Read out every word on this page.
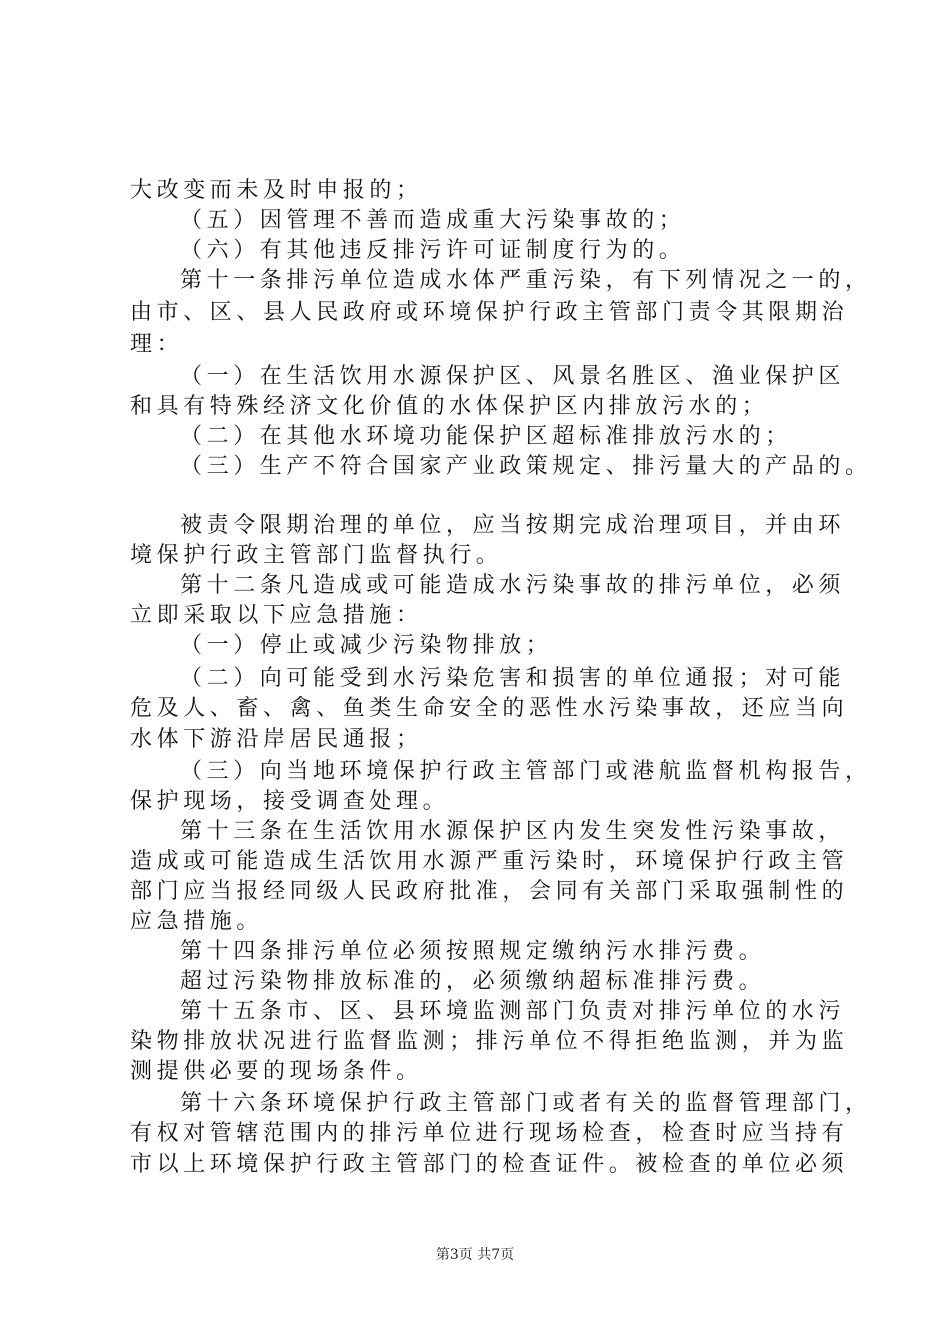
大改变而未及时申报的；
（五）因管理不善而造成重大污染事故的；
（六）有其他违反排污许可证制度行为的。
第十一条排污单位造成水体严重污染，有下列情况之一的，
由市、区、县人民政府或环境保护行政主管部门责令其限期治
理：
（一）在生活饮用水源保护区、风景名胜区、渔业保护区
和具有特殊经济文化价值的水体保护区内排放污水的；
（二）在其他水环境功能保护区超标准排放污水的；
（三）生产不符合国家产业政策规定、排污量大的产品的。
被责令限期治理的单位，应当按期完成治理项目，并由环
境保护行政主管部门监督执行。
第十二条凡造成或可能造成水污染事故的排污单位，必须
立即采取以下应急措施：
（一）停止或减少污染物排放；
（二）向可能受到水污染危害和损害的单位通报；对可能
危及人、畜、禽、鱼类生命安全的恶性水污染事故，还应当向
水体下游沿岸居民通报；
（三）向当地环境保护行政主管部门或港航监督机构报告，
保护现场，接受调查处理。
第十三条在生活饮用水源保护区内发生突发性污染事故，
造成或可能造成生活饮用水源严重污染时，环境保护行政主管
部门应当报经同级人民政府批准，会同有关部门采取强制性的
应急措施。
第十四条排污单位必须按照规定缴纳污水排污费。
超过污染物排放标准的，必须缴纳超标准排污费。
第十五条市、区、县环境监测部门负责对排污单位的水污
染物排放状况进行监督监测；排污单位不得拒绝监测，并为监
测提供必要的现场条件。
第十六条环境保护行政主管部门或者有关的监督管理部门，
有权对管辖范围内的排污单位进行现场检查，检查时应当持有
市以上环境保护行政主管部门的检查证件。被检查的单位必须
第3页 共7页
